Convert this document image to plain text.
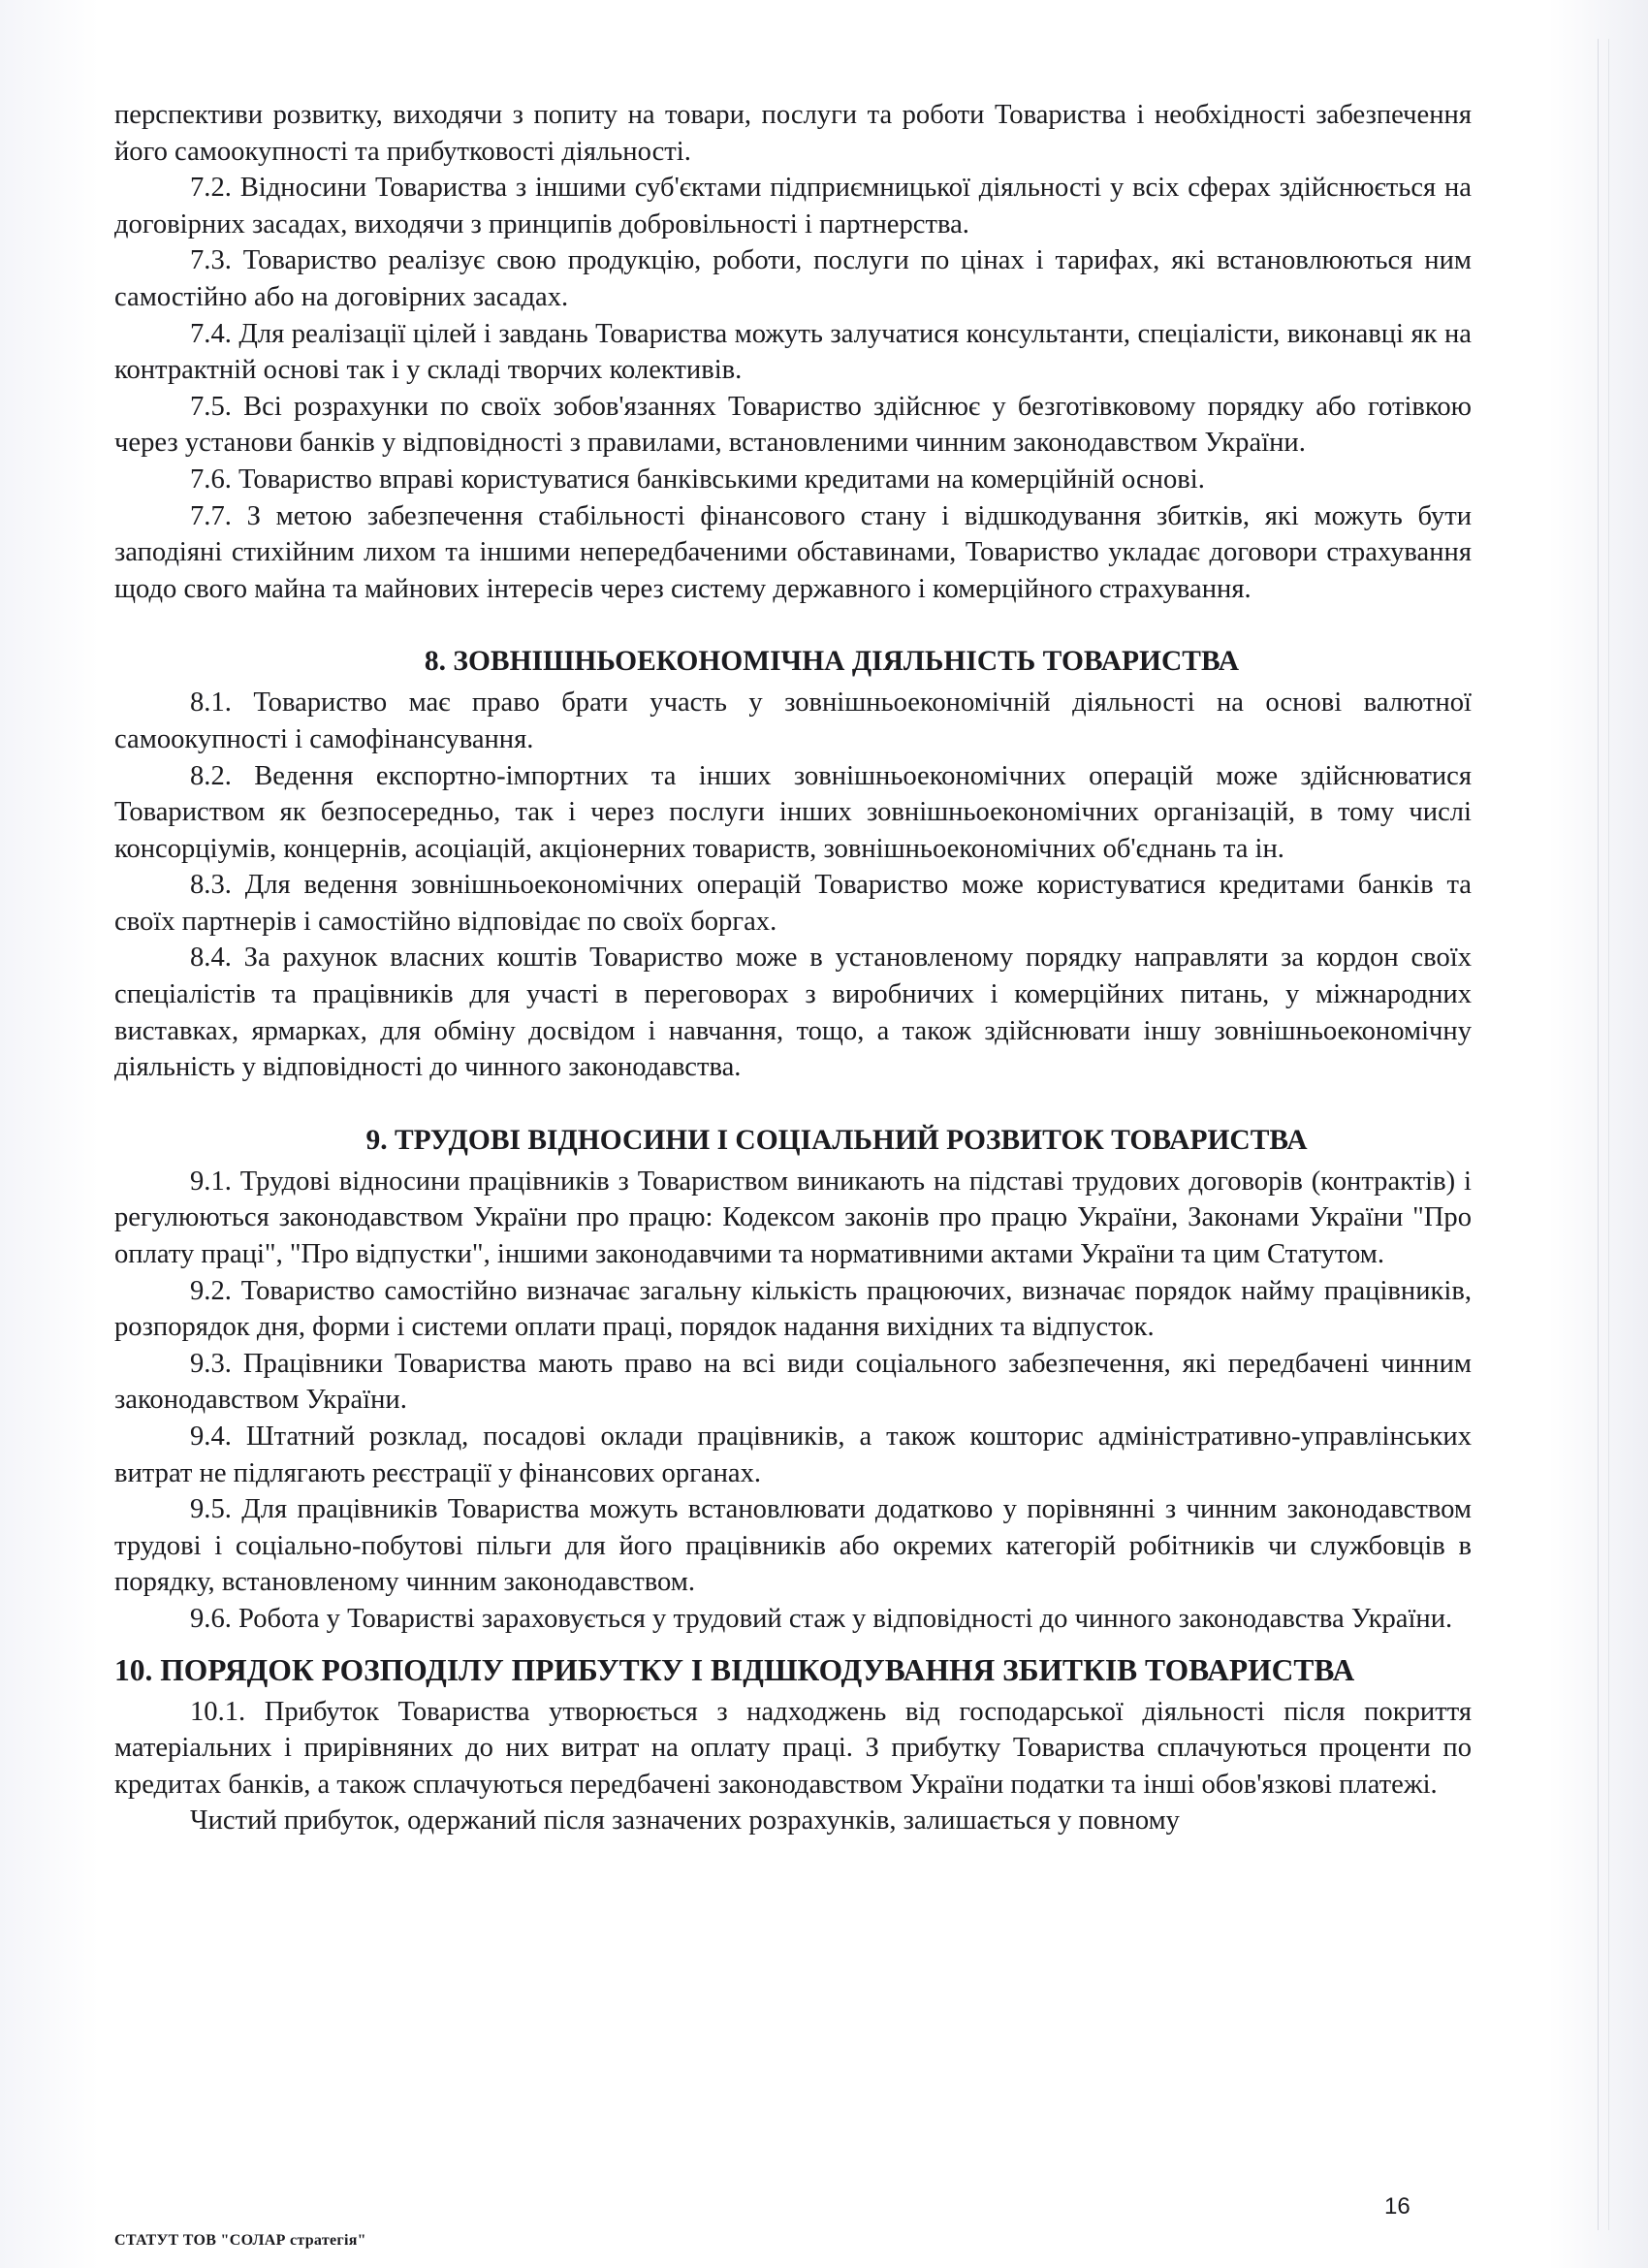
перспективи розвитку, виходячи з попиту на товари, послуги та роботи Товариства і необхідності забезпечення його самоокупності та прибутковості діяльності.

7.2. Відносини Товариства з іншими суб'єктами підприємницької діяльності у всіх сферах здійснюється на договірних засадах, виходячи з принципів добровільності і партнерства.

7.3. Товариство реалізує свою продукцію, роботи, послуги по цінах і тарифах, які встановлюються ним самостійно або на договірних засадах.

7.4. Для реалізації цілей і завдань Товариства можуть залучатися консультанти, спеціалісти, виконавці як на контрактній основі так і у складі творчих колективів.

7.5. Всі розрахунки по своїх зобов'язаннях Товариство здійснює у безготівковому порядку або готівкою через установи банків у відповідності з правилами, встановленими чинним законодавством України.

7.6. Товариство вправі користуватися банківськими кредитами на комерційній основі.

7.7. З метою забезпечення стабільності фінансового стану і відшкодування збитків, які можуть бути заподіяні стихійним лихом та іншими непередбаченими обставинами, Товариство укладає договори страхування щодо свого майна та майнових інтересів через систему державного і комерційного страхування.

8. ЗОВНІШНЬОЕКОНОМІЧНА ДІЯЛЬНІСТЬ ТОВАРИСТВА

8.1. Товариство має право брати участь у зовнішньоекономічній діяльності на основі валютної самоокупності і самофінансування.

8.2. Ведення експортно-імпортних та інших зовнішньоекономічних операцій може здійснюватися Товариством як безпосередньо, так і через послуги інших зовнішньоекономічних організацій, в тому числі консорціумів, концернів, асоціацій, акціонерних товариств, зовнішньоекономічних об'єднань та ін.

8.3. Для ведення зовнішньоекономічних операцій Товариство може користуватися кредитами банків та своїх партнерів і самостійно відповідає по своїх боргах.

8.4. За рахунок власних коштів Товариство може в установленому порядку направляти за кордон своїх спеціалістів та працівників для участі в переговорах з виробничих і комерційних питань, у міжнародних виставках, ярмарках, для обміну досвідом і навчання, тощо, а також здійснювати іншу зовнішньоекономічну діяльність у відповідності до чинного законодавства.

9. ТРУДОВІ ВІДНОСИНИ І СОЦІАЛЬНИЙ РОЗВИТОК ТОВАРИСТВА

9.1. Трудові відносини працівників з Товариством виникають на підставі трудових договорів (контрактів) і регулюються законодавством України про працю: Кодексом законів про працю України, Законами України "Про оплату праці", "Про відпустки", іншими законодавчими та нормативними актами України та цим Статутом.

9.2. Товариство самостійно визначає загальну кількість працюючих, визначає порядок найму працівників, розпорядок дня, форми і системи оплати праці, порядок надання вихідних та відпусток.

9.3. Працівники Товариства мають право на всі види соціального забезпечення, які передбачені чинним законодавством України.

9.4. Штатний розклад, посадові оклади працівників, а також кошторис адміністративно-управлінських витрат не підлягають реєстрації у фінансових органах.

9.5. Для працівників Товариства можуть встановлювати додатково у порівнянні з чинним законодавством трудові і соціально-побутові пільги для його працівників або окремих категорій робітників чи службовців в порядку, встановленому чинним законодавством.

9.6. Робота у Товаристві зараховується у трудовий стаж у відповідності до чинного законодавства України.

10. ПОРЯДОК РОЗПОДІЛУ ПРИБУТКУ І ВІДШКОДУВАННЯ ЗБИТКІВ ТОВАРИСТВА

10.1. Прибуток Товариства утворюється з надходжень від господарської діяльності після покриття матеріальних і прирівняних до них витрат на оплату праці. З прибутку Товариства сплачуються проценти по кредитах банків, а також сплачуються передбачені законодавством України податки та інші обов'язкові платежі.

Чистий прибуток, одержаний після зазначених розрахунків, залишається у повному

16
СТАТУТ ТОВ "СОЛАР стратегія"
